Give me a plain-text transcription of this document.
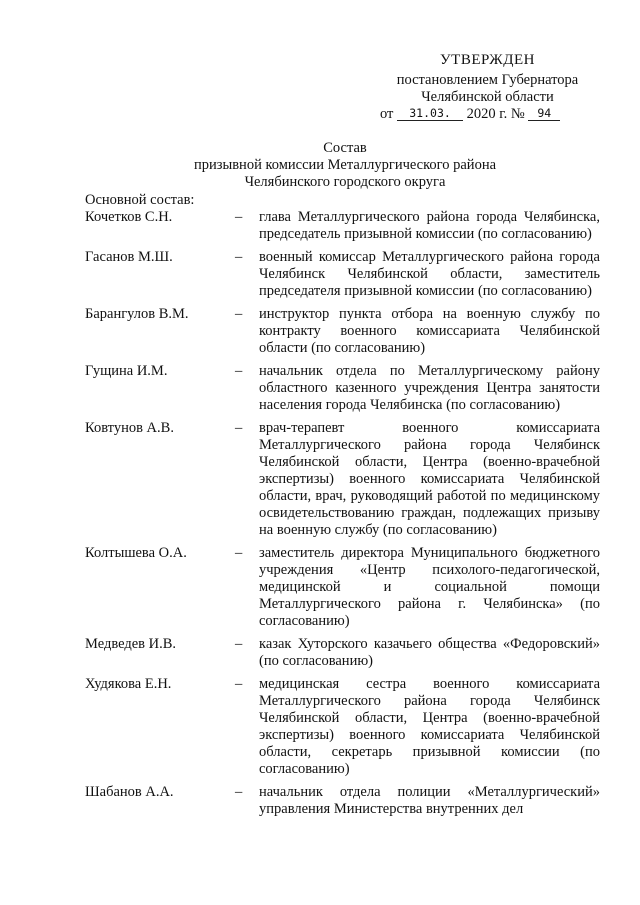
УТВЕРЖДЕН
постановлением Губернатора
Челябинской области
от 31.03. 2020 г. № 94
Состав
призывной комиссии Металлургического района
Челябинского городского округа
Основной состав:
Кочетков С.Н.	–	глава Металлургического района города Челябинска, председатель призывной комиссии (по согласованию)
Гасанов М.Ш.	–	военный комиссар Металлургического района города Челябинск Челябинской области, заместитель председателя призывной комиссии (по согласованию)
Барангулов В.М.	–	инструктор пункта отбора на военную службу по контракту военного комиссариата Челябинской области (по согласованию)
Гущина И.М.	–	начальник отдела по Металлургическому району областного казенного учреждения Центра занятости населения города Челябинска (по согласованию)
Ковтунов А.В.	–	врач-терапевт военного комиссариата Металлургического района города Челябинск Челябинской области, Центра (военно-врачебной экспертизы) военного комиссариата Челябинской области, врач, руководящий работой по медицинскому освидетельствованию граждан, подлежащих призыву на военную службу (по согласованию)
Колтышева О.А.	–	заместитель директора Муниципального бюджетного учреждения «Центр психолого-педагогической, медицинской и социальной помощи Металлургического района г. Челябинска» (по согласованию)
Медведев И.В.	–	казак Хуторского казачьего общества «Федоровский» (по согласованию)
Худякова Е.Н.	–	медицинская сестра военного комиссариата Металлургического района города Челябинск Челябинской области, Центра (военно-врачебной экспертизы) военного комиссариата Челябинской области, секретарь призывной комиссии (по согласованию)
Шабанов А.А.	–	начальник отдела полиции «Металлургический» управления Министерства внутренних дел
